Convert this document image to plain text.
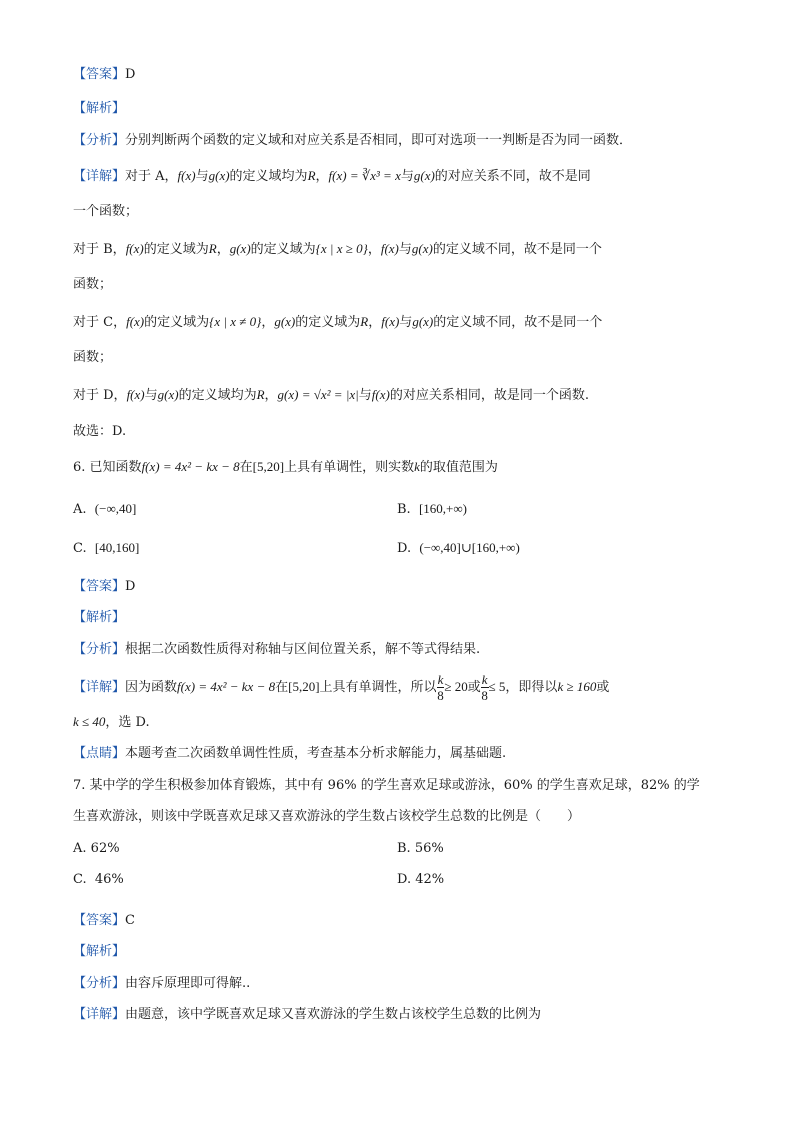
【答案】D
【解析】
【分析】分别判断两个函数的定义域和对应关系是否相同，即可对选项一一判断是否为同一函数．
【详解】对于 A，f(x)与g(x)的定义域均为R，f(x) = ∛x³ = x与g(x)的对应关系不同，故不是同
一个函数；
对于 B，f(x)的定义域为R，g(x)的定义域为{x | x ≥ 0}，f(x)与g(x)的定义域不同，故不是同一个
函数；
对于 C，f(x)的定义域为{x | x ≠ 0}，g(x)的定义域为R，f(x)与g(x)的定义域不同，故不是同一个
函数；
对于 D，f(x)与g(x)的定义域均为R，g(x) = √x² = |x|与f(x)的对应关系相同，故是同一个函数.
故选：D.
6. 已知函数f(x) = 4x² − kx − 8在[5,20]上具有单调性，则实数k的取值范围为
A. (−∞,40]	B. [160,+∞)
C. [40,160]	D. (−∞,40]∪[160,+∞)
【答案】D
【解析】
【分析】根据二次函数性质得对称轴与区间位置关系，解不等式得结果.
【详解】因为函数f(x) = 4x² − kx − 8在[5,20]上具有单调性，所以 $\frac{k}{8} \ge 20$或 $\frac{k}{8} \le 5$，即得以k ≥ 160或
k ≤ 40，选 D.
【点睛】本题考查二次函数单调性性质，考查基本分析求解能力，属基础题.
7. 某中学的学生积极参加体育锻炼，其中有 96% 的学生喜欢足球或游泳，60% 的学生喜欢足球，82% 的学
生喜欢游泳，则该中学既喜欢足球又喜欢游泳的学生数占该校学生总数的比例是（　　）
A. 62%	B. 56%
C. 46%	D. 42%
【答案】C
【解析】
【分析】由容斥原理即可得解..
【详解】由题意，该中学既喜欢足球又喜欢游泳的学生数占该校学生总数的比例为
